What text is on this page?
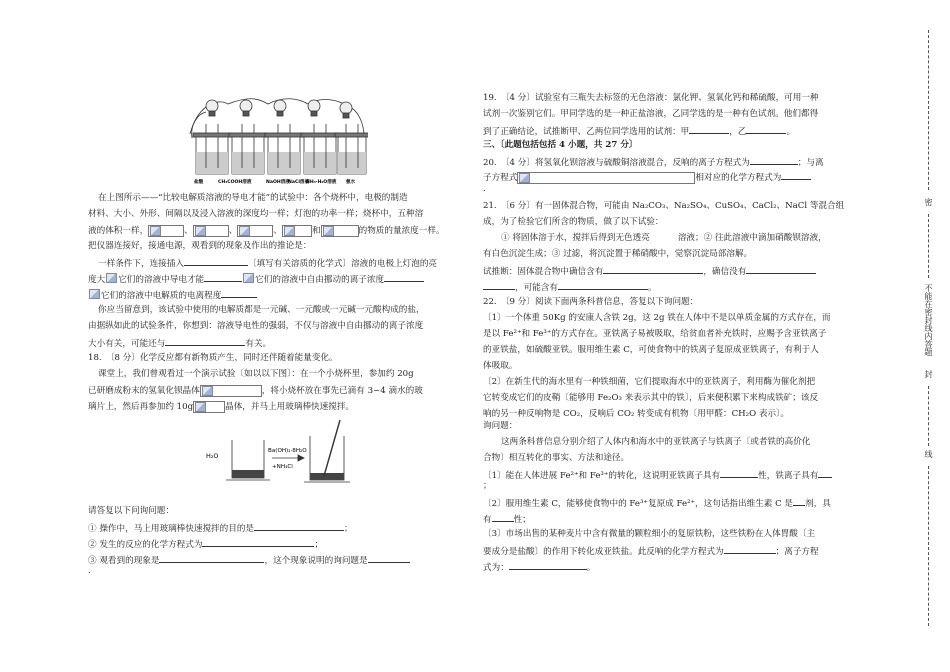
盐酸	CH₃COOH溶液	NaOH溶液
NaCl溶液
NH₃·H₂O溶液 氨水
在上图所示——“比较电解质溶液的导电才能”的试验中：各个烧杯中，电极的制造
材料、大小、外形、间隔以及浸入溶液的深度均一样；灯泡的功率一样；烧杯中，五种溶
液的体积一样，	、	、	、	和	的物质的量浓度一样。
把仪器连接好，接通电源，观看到的现象及作出的推论是：
一样条件下，连接插入	〔填写有关溶质的化学式〕溶液的电极上灯泡的亮
度大 它们的溶液中导电才能	它们的溶液中自由挪动的离子浓度
它们的溶液中电解质的电离程度
你应当留意到，该试验中使用的电解质都是一元碱、一元酸或一元碱一元酸构成的盐，
由据纵如此的试验条件，你想到：溶液导电性的强弱，不仅与溶液中自由挪动的离子浓度
大小有关，可能还与	有关。
18.　〔8 分〕化学反应都有新物质产生，同时还伴随着能量变化。
课堂上，我们曾观看过一个演示试验〔如以以下图〕：在一个小烧杯里，参加约 20g
已研磨成粉末的氢氧化钡晶体	，将小烧杯放在事先已滴有 3~4 滴水的玻
璃片上，然后再参加约 10g	晶体，并马上用玻璃棒快速搅拌。
H₂O
Ba(OH)₂·8H₂O
+NH₄Cl
请答复以下问询问题：
① 操作中，马上用玻璃棒快速搅拌的目的是	；
② 发生的反应的化学方程式为	；
③ 观看到的现象是	，这个现象说明的询问题是
.
19.　〔4 分〕试验室有三瓶失去标签的无色溶液：氯化钾、氢氧化钙和稀硫酸，可用一种
试剂一次鉴别它们。甲同学选的是一种正盐溶液，乙同学选的是一种有色试剂。他们都得
到了正确结论，试推断甲、乙两位同学选用的试剂：甲	，乙	。
三、〔此题包括包括 4 小题，共 27 分〕
20.　〔4 分〕将氢氧化钡溶液与硫酸铜溶液混合，反响的离子方程式为	；与离
子方程式	相对应的化学方程式为
.
21.　〔6 分〕有一固体混合物，可能由 Na₂CO₃、Na₂SO₄、CuSO₄、CaCl₂、NaCl 等混合组
成，为了检验它们所含的物质，做了以下试验：
① 将固体溶于水，搅拌后得到无色透亮	溶液；② 往此溶液中滴加硝酸钡溶液，
有白色沉淀生成；③ 过滤，将沉淀置于稀硝酸中，觉察沉淀局部溶解。
试推断：固体混合物中确信含有	，确信没有
，可能含有	。
22.　〔9 分〕阅读下面两条科普信息，答复以下询问题：
〔1〕一个体重 50Kg 的安康人含铁 2g，这 2g 铁在人体中不是以单质金属的方式存在，而
是以 Fe²⁺和 Fe³⁺的方式存在。亚铁离子易被吸取，给贫血者补充铁时，应赐予含亚铁离子
的亚铁盐，如硫酸亚铁。服用维生素 C，可使食物中的铁离子复原成亚铁离子，有利于人
体吸取。
〔2〕在新生代的海水里有一种铁细菌，它们提取海水中的亚铁离子，利用酶为催化剂把
它转变成它们的皮鞘〔能够用 Fe₂O₃ 来表示其中的铁〕，后来便积累下来构成铁矿；该反
响的另一种反响物是 CO₂，反响后 CO₂ 转变成有机物〔用甲醛：CH₂O 表示〕。
询问题：
这两条科普信息分别介绍了人体内和海水中的亚铁离子与铁离子〔或者铁的高价化
合物〕相互转化的事实、方法和途径。
〔1〕能在人体进展 Fe²⁺和 Fe³⁺的转化，这说明亚铁离子具有	性，铁离子具有
；
〔2〕服用维生素 C，能够使食物中的 Fe³⁺复原成 Fe²⁺，这句话指出维生素 C 是 剂，具
有	性；
〔3〕市场出售的某种麦片中含有微量的颗粒细小的复原铁粉，这些铁粉在人体胃酸〔主
要成分是盐酸〕的作用下转化成亚铁盐。此反响的化学方程式为	；离子方程
式为：	。
密
不能在密封线内答题
封
线
